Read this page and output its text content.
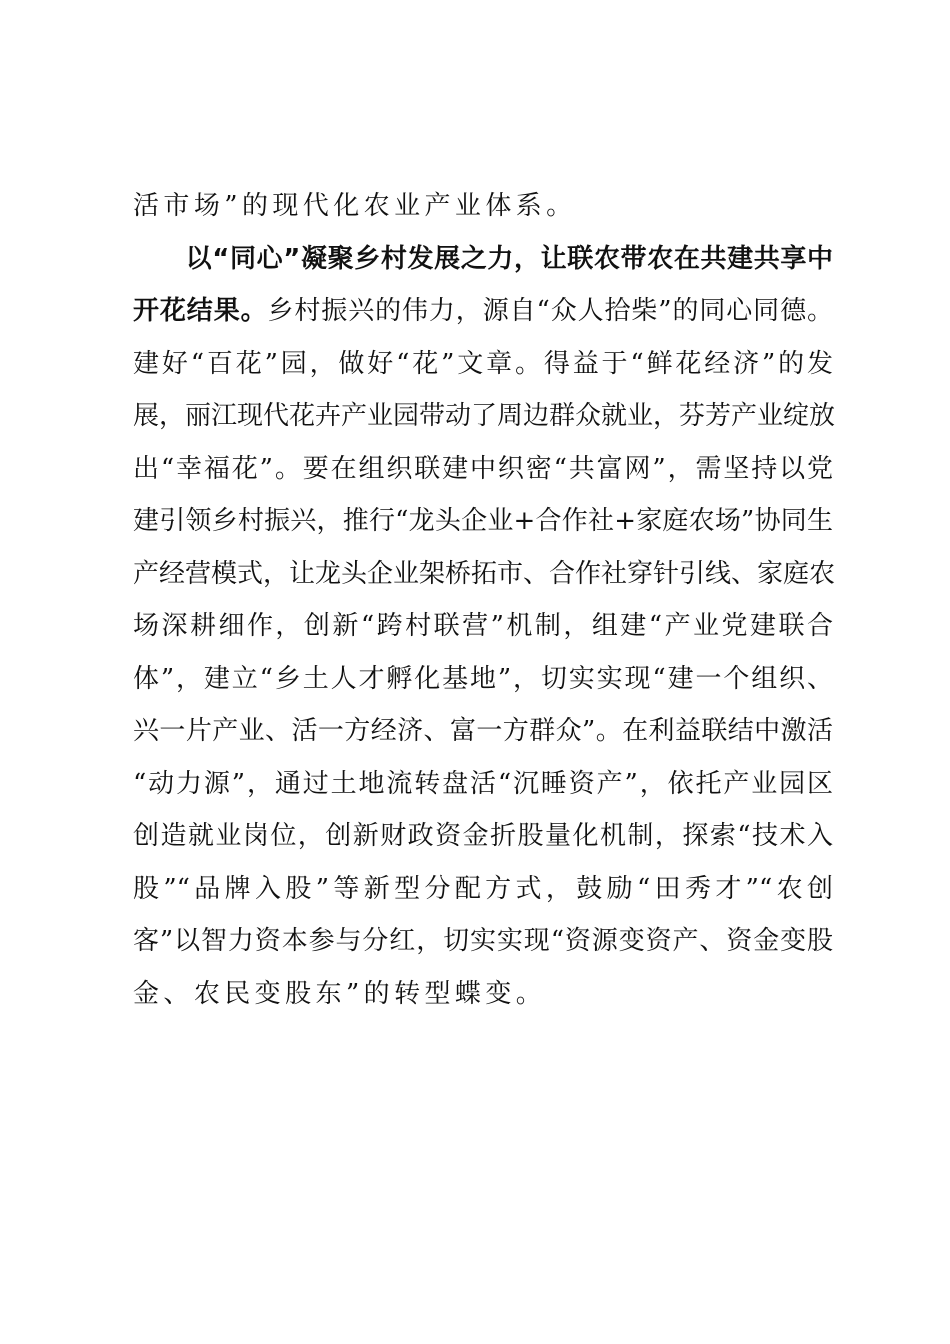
活市场”的现代化农业产业体系。
以“同心”凝聚乡村发展之力，让联农带农在共建共享中
开花结果。乡村振兴的伟力，源自“众人拾柴”的同心同德。
建好“百花”园，做好“花”文章。得益于“鲜花经济”的发
展，丽江现代花卉产业园带动了周边群众就业，芬芳产业绽放
出“幸福花”。要在组织联建中织密“共富网”，需坚持以党
建引领乡村振兴，推行“龙头企业+合作社+家庭农场”协同生
产经营模式，让龙头企业架桥拓市、合作社穿针引线、家庭农
场深耕细作，创新“跨村联营”机制，组建“产业党建联合
体”，建立“乡土人才孵化基地”，切实实现“建一个组织、
兴一片产业、活一方经济、富一方群众”。在利益联结中激活
“动力源”，通过土地流转盘活“沉睡资产”，依托产业园区
创造就业岗位，创新财政资金折股量化机制，探索“技术入
股”“品牌入股”等新型分配方式，鼓励“田秀才”“农创
客”以智力资本参与分红，切实实现“资源变资产、资金变股
金、农民变股东”的转型蝶变。
